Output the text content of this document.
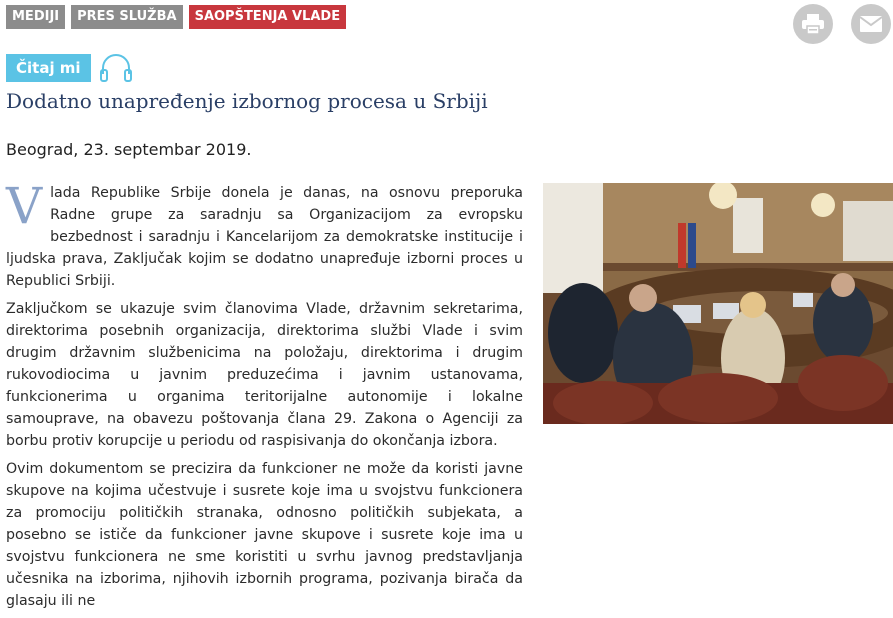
MEDIJI	PRES SLUŽBA	SAOPŠTENJA VLADE
Čitaj mi
Dodatno unapređenje izbornog procesa u Srbiji
Beograd, 23. septembar 2019.

Vlada Republike Srbije donela je danas, na osnovu preporuka Radne grupe za saradnju sa Organizacijom za evropsku bezbednost i saradnju i Kancelarijom za demokratske institucije i ljudska prava, Zaključak kojim se dodatno unapređuje izborni proces u Republici Srbiji.

Zaključkom se ukazuje svim članovima Vlade, državnim sekretarima, direktorima posebnih organizacija, direktorima službi Vlade i svim drugim državnim službenicima na položaju, direktorima i drugim rukovodiocima u javnim preduzećima i javnim ustanovama, funkcionerima u organima teritorijalne autonomije i lokalne samouprave, na obavezu poštovanja člana 29. Zakona o Agenciji za borbu protiv korupcije u periodu od raspisivanja do okončanja izbora.

Ovim dokumentom se precizira da funkcioner ne može da koristi javne skupove na kojima učestvuje i susrete koje ima u svojstvu funkcionera za promociju političkih stranaka, odnosno političkih subjekata, a posebno se ističe da funkcioner javne skupove i susrete koje ima u svojstvu funkcionera ne sme koristiti u svrhu javnog predstavljanja učesnika na izborima, njihovih izbornih programa, pozivanja birača da glasaju ili ne
